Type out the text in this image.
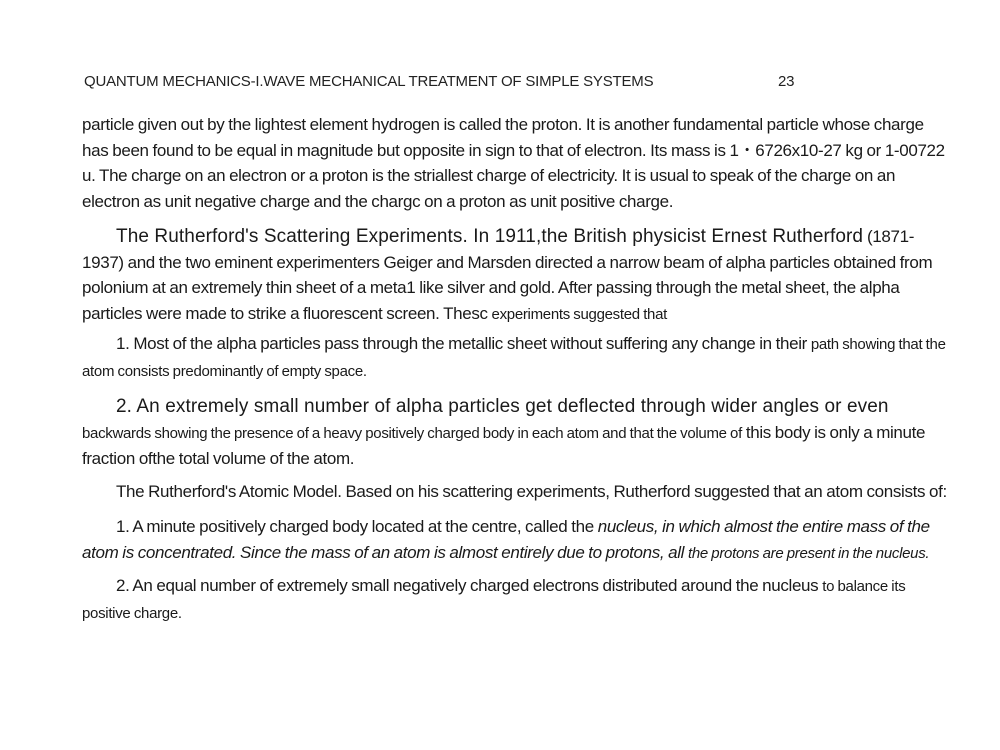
QUANTUM MECHANICS-I.WAVE MECHANICAL TREATMENT OF SIMPLE SYSTEMS	23

particle given out by the lightest element hydrogen is called the proton. It is another fundamental particle whose charge has been found to be equal in magnitude but opposite in sign to that of electron. Its mass is 1・6726x10-27 kg or 1-00722 u. The charge on an electron or a proton is the striallest charge of electricity. It is usual to speak of the charge on an electron as unit negative charge and the chargc on a proton as unit positive charge.

The Rutherford's Scattering Experiments. In 1911,the British physicist Ernest Rutherford (1871-1937) and the two eminent experimenters Geiger and Marsden directed a narrow beam of alpha particles obtained from polonium at an extremely thin sheet of a meta1 like silver and gold. After passing through the metal sheet, the alpha particles were made to strike a fluorescent screen. Thesc experiments suggested that

1. Most of the alpha particles pass through the metallic sheet without suffering any change in their path showing that the atom consists predominantly of empty space.

2. An extremely small number of alpha particles get deflected through wider angles or even backwards showing the presence of a heavy positively charged body in each atom and that the volume of this body is only a minute fraction ofthe total volume of the atom.

The Rutherford's Atomic Model. Based on his scattering experiments, Rutherford suggested that an atom consists of:

1. A minute positively charged body located at the centre, called the nucleus, in which almost the entire mass of the atom is concentrated. Since the mass of an atom is almost entirely due to protons, all the protons are present in the nucleus.

2. An equal number of extremely small negatively charged electrons distributed around the nucleus to balance its positive charge.
